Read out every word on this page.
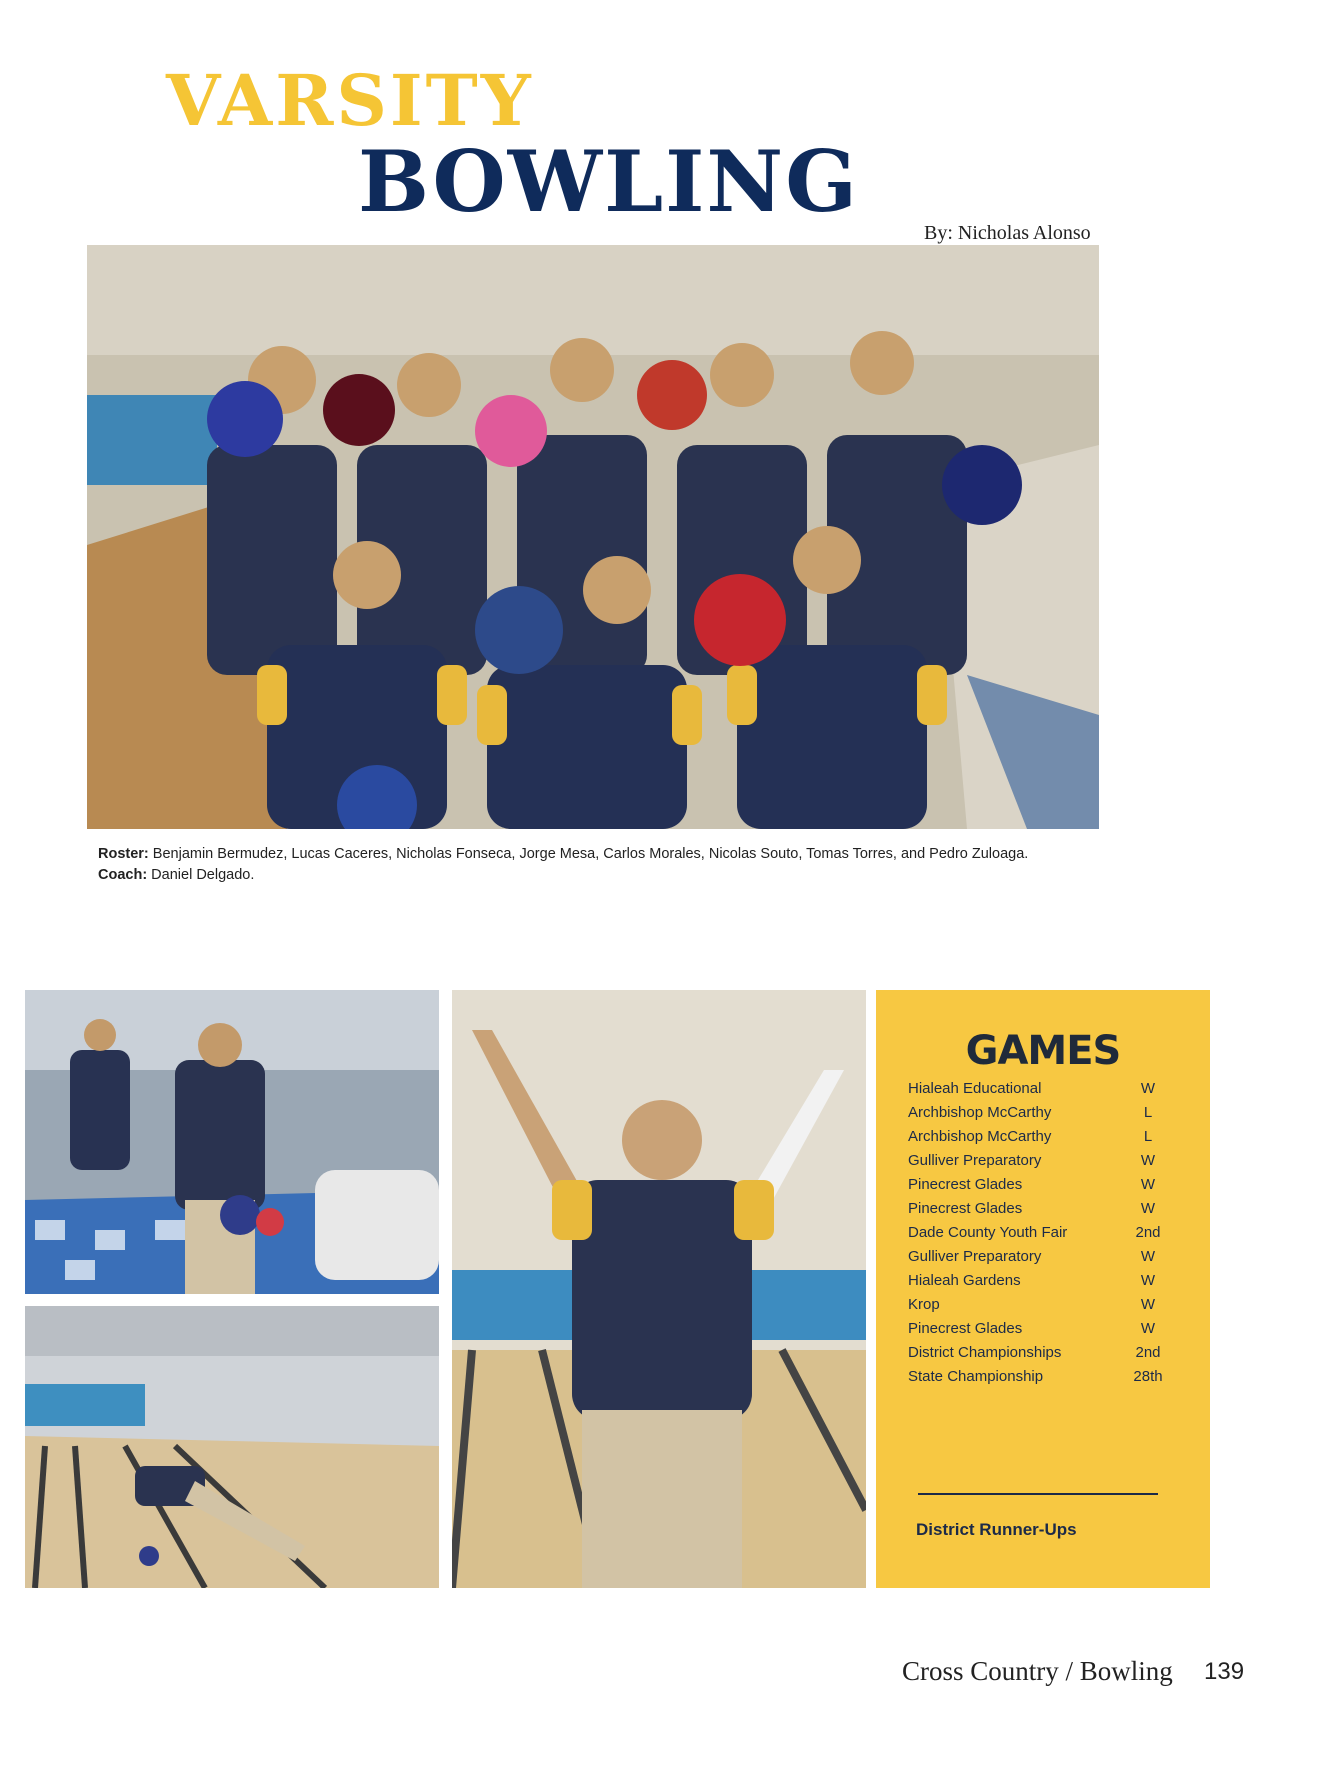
VARSITY
BOWLING
By: Nicholas Alonso
Roster: Benjamin Bermudez, Lucas Caceres, Nicholas Fonseca, Jorge Mesa, Carlos Morales, Nicolas Souto, Tomas Torres, and Pedro Zuloaga. Coach: Daniel Delgado.
GAMES
Hialeah Educational	W
Archbishop McCarthy	L
Archbishop McCarthy	L
Gulliver Preparatory	W
Pinecrest Glades	W
Pinecrest Glades	W
Dade County Youth Fair	2nd
Gulliver Preparatory	W
Hialeah Gardens	W
Krop	W
Pinecrest Glades	W
District Championships	2nd
State Championship	28th
District Runner-Ups
Cross Country / Bowling 139
